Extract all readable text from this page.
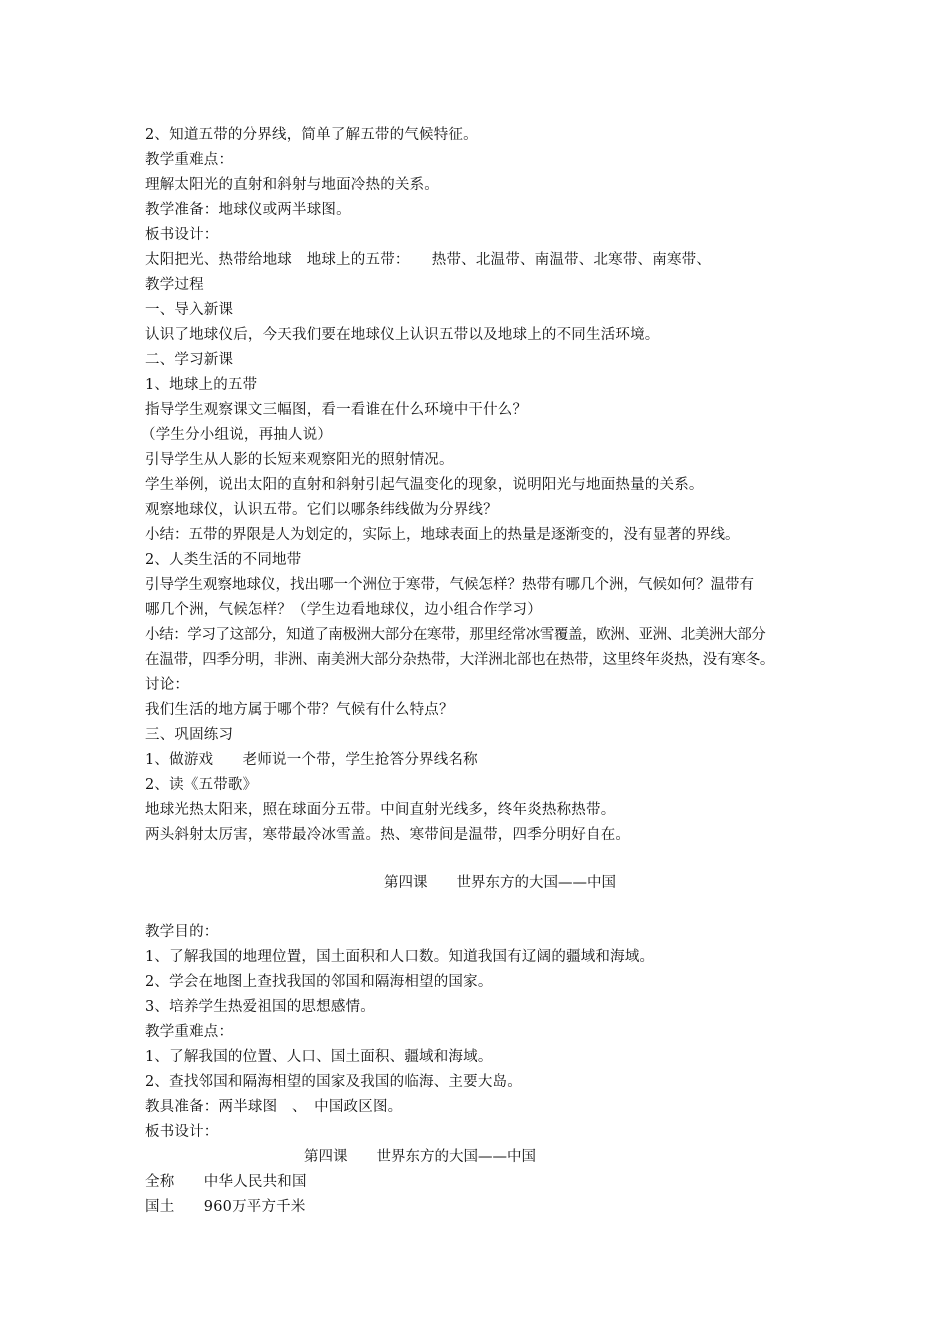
2、知道五带的分界线，简单了解五带的气候特征。
教学重难点：
理解太阳光的直射和斜射与地面冷热的关系。
教学准备：地球仪或两半球图。
板书设计：
太阳把光、热带给地球　地球上的五带：　　热带、北温带、南温带、北寒带、南寒带、
教学过程
一、导入新课
认识了地球仪后，今天我们要在地球仪上认识五带以及地球上的不同生活环境。
二、学习新课
1、地球上的五带
指导学生观察课文三幅图，看一看谁在什么环境中干什么？
（学生分小组说，再抽人说）
引导学生从人影的长短来观察阳光的照射情况。
学生举例，说出太阳的直射和斜射引起气温变化的现象，说明阳光与地面热量的关系。
观察地球仪，认识五带。它们以哪条纬线做为分界线？
小结：五带的界限是人为划定的，实际上，地球表面上的热量是逐渐变的，没有显著的界线。
2、人类生活的不同地带
引导学生观察地球仪，找出哪一个洲位于寒带，气候怎样？热带有哪几个洲，气候如何？温带有
哪几个洲，气候怎样？（学生边看地球仪，边小组合作学习）
小结：学习了这部分，知道了南极洲大部分在寒带，那里经常冰雪覆盖，欧洲、亚洲、北美洲大部分
在温带，四季分明，非洲、南美洲大部分杂热带，大洋洲北部也在热带，这里终年炎热，没有寒冬。
讨论：
我们生活的地方属于哪个带？气候有什么特点？
三、巩固练习
1、做游戏　　老师说一个带，学生抢答分界线名称
2、读《五带歌》
地球光热太阳来，照在球面分五带。中间直射光线多，终年炎热称热带。
两头斜射太厉害，寒带最冷冰雪盖。热、寒带间是温带，四季分明好自在。
第四课　　世界东方的大国——中国
教学目的：
1、了解我国的地理位置，国土面积和人口数。知道我国有辽阔的疆域和海域。
2、学会在地图上查找我国的邻国和隔海相望的国家。
3、培养学生热爱祖国的思想感情。
教学重难点：
1、了解我国的位置、人口、国土面积、疆域和海域。
2、查找邻国和隔海相望的国家及我国的临海、主要大岛。
教具准备：两半球图　、　中国政区图。
板书设计：
第四课　　世界东方的大国——中国
全称　　中华人民共和国
国土　　960万平方千米
